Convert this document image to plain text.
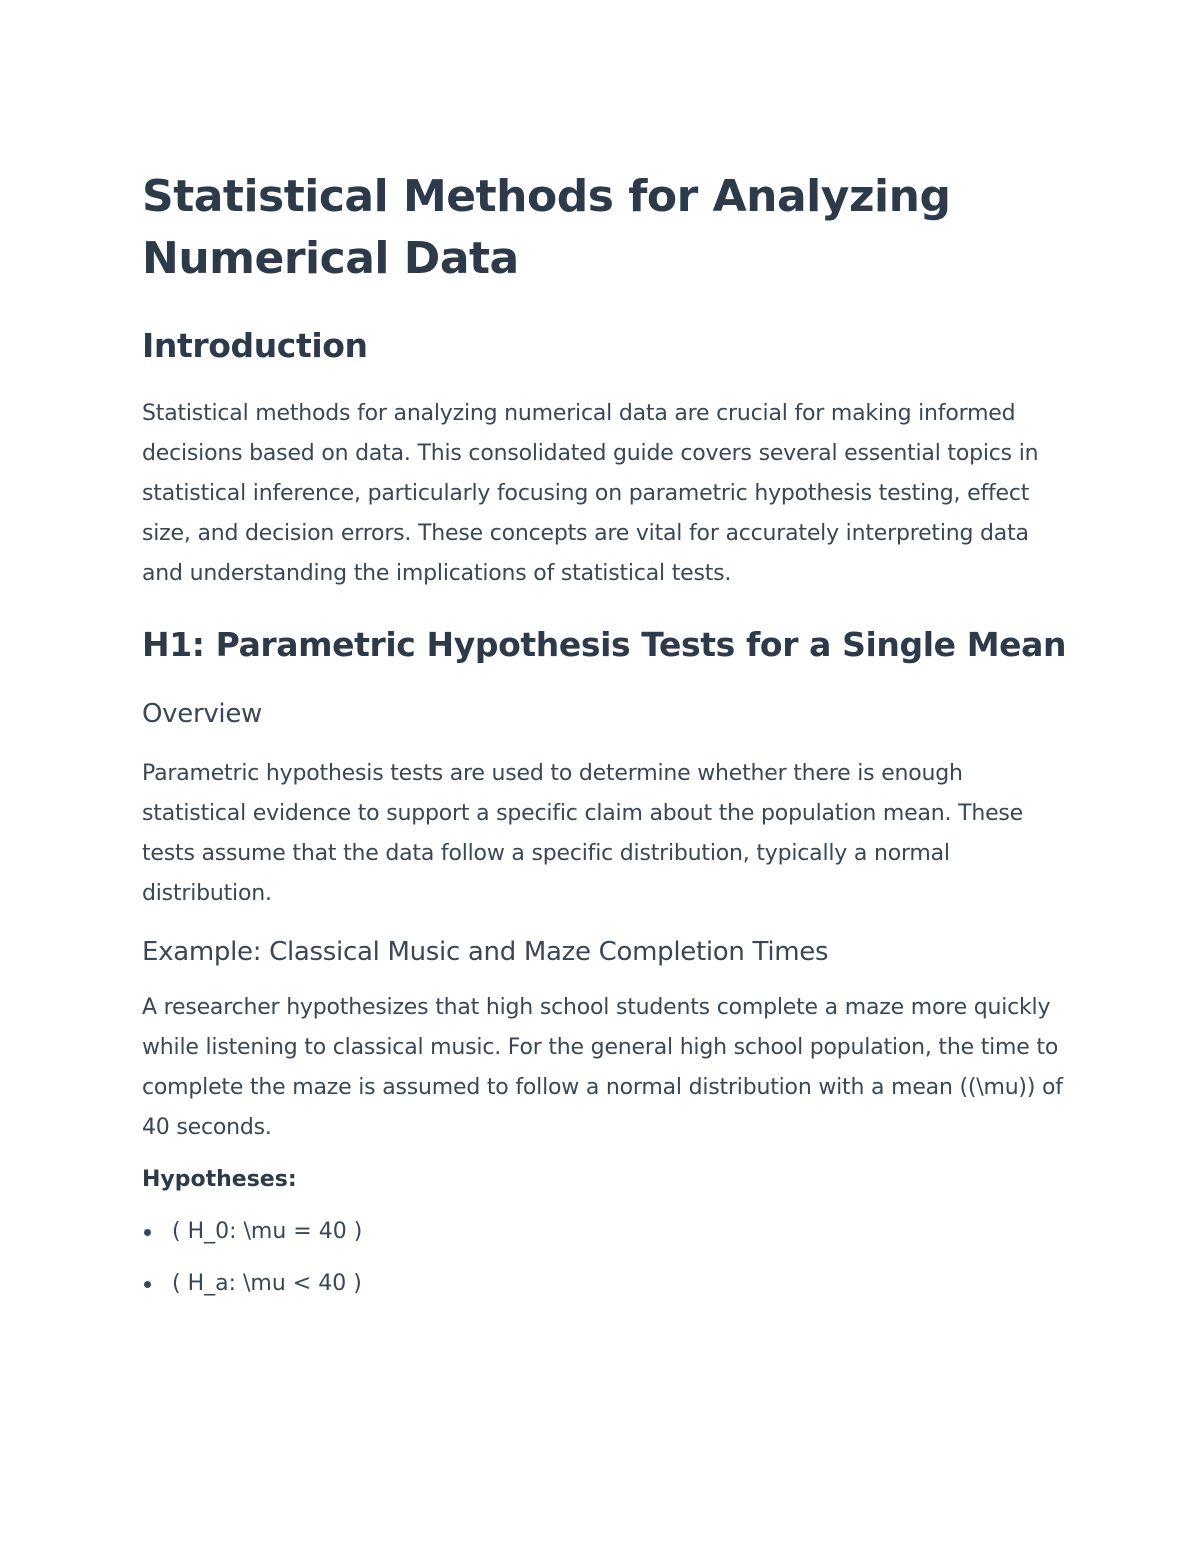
Statistical Methods for Analyzing Numerical Data
Introduction

Statistical methods for analyzing numerical data are crucial for making informed decisions based on data. This consolidated guide covers several essential topics in statistical inference, particularly focusing on parametric hypothesis testing, effect size, and decision errors. These concepts are vital for accurately interpreting data and understanding the implications of statistical tests.

H1: Parametric Hypothesis Tests for a Single Mean
Overview

Parametric hypothesis tests are used to determine whether there is enough statistical evidence to support a specific claim about the population mean. These tests assume that the data follow a specific distribution, typically a normal distribution.

Example: Classical Music and Maze Completion Times

A researcher hypothesizes that high school students complete a maze more quickly while listening to classical music. For the general high school population, the time to complete the maze is assumed to follow a normal distribution with a mean ((\mu)) of 40 seconds.

Hypotheses:
( H_0: \mu = 40 )
( H_a: \mu < 40 )
